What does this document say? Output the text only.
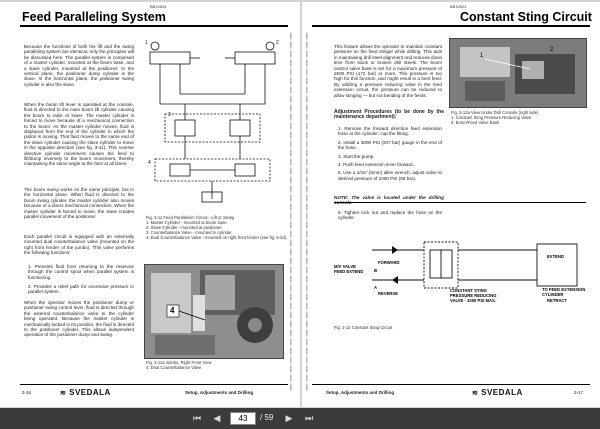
BB15524
Feed Paralleling System
Because the functions of both the lift and the swing paralleling system are identical, only the principles will be discussed here. The parallel system is comprised of a master cylinder, mounted at the boom base, and a slave cylinder, mounted at the positioner. In the vertical plane, the positioner dump cylinder is the slave. In the horizontal plane, the positioner swing cylinder is also the slave.
When the boom lift lever is operated at the console, fluid is directed to the main boom lift cylinder causing the boom to raise or lower. The master cylinder is forced to move because of a mechanical connection to the boom. As the master cylinder moves, fluid is displaced from the end of the cylinder in which the piston is moving. That fluid moves to the same end of the slave cylinder causing the slave cylinder to move in the opposite direction (see fig. 3-11). This reverse directive cylinder movement causes the feed to lift/dump inversely to the boom movement, thereby maintaining the same angle to the face at all times.
The boom swing works on the same principle, but in the horizontal plane. When fluid is directed to the boom swing cylinder, the master cylinder also moves because of a direct mechanical connection. When the master cylinder is forced to move, the slave creates parallel movement of the positioner.
Each parallel circuit is equipped with an externally mounted dual counterbalance valve (mounted on the right front fender of the jumbo). This valve performs the following functions:
1. Prevents fluid from returning to the reservoir through the control spool when parallel system is functioning.
2. Provides a relief path for excessive pressure in parallel system.
When the operator moves the positioner dump or positioner swing control lever, fluid is directed through the external counterbalance valve to the cylinder being operated. Because the master cylinder is mechanically locked in its position, the fluid is directed to the positioner cylinder. This allows independent operation of the positioner dump and swing.
1	2
3
4
Fig. 3-11 Feed Parallelism Circuit - Lift or Swing
1. Master Cylinder - mounted at boom base.
2. Slave Cylinder - mounted at positioner.
3. Counterbalance Valve - mounted in cylinder.
4. Dual Counterbalance Valve - mounted on right front fender (see fig. 3-2d).
4
Fig. 3-11a Jumbo, Right Front View
4. Dual Counterbalance Valve
|
|
|
|
|
|
|
|
|
|
|
|
|
|
|
|
|
|
|
|
|
|
|
|
|
|
|
|
|
|
|
|
|
|
|
|
|
|
|
|
3-16	≋ SVEDALA	Setup, Adjustments and Drilling
BB15524
Constant Sting Circuit
|
|
|
|
|
|
|
|
|
|
|
|
|
|
|
|
|
|
|
|
|
|
|
|
|
|
|
|
|
|
|
|
|
|
|
|
|
|
|
|
This feature allows the operator to maintain constant pressure on the feed stinger while drilling. This aids in maintaining drill steel alignment and reduces down time from stuck or broken drill steels. The boom control valve bank is set for a maximum pressure of 2500 PSI (172 bar) or more. This pressure is too high for this function, and might result in a bent feed. By utilizing a pressure reducing valve in the feed extension circuit, the pressure can be reduced to allow stinging — but not bending of the feeds.
Adjustment Procedures (to be done by the maintenance department):
1. Remove the forward direction feed extension hose at the cylinder; cap the fitting.
2. Install a 3000 PSI (207 bar) gauge in the end of the hose.
3. Start the pump.
4. Push feed extension lever forward.
5. Use a 3/16" (5mm) allen wrench, adjust valve to desired pressure of 1000 PSI (69 bar).
NOTE: The valve is located under the drilling console.
6. Tighten lock nut and replace the hose on the cylinder.
1
2
Fig. 3-12a View Under Drill Console (right side)
1. Constant Sting Pressure Reducing Valve
2. Boom/Feed Valve Bank
M/V VALVE
FEED EXTEND	B
FORWARD
A
REVERSE
CONSTANT STING PRESSURE REDUCING VALVE - 1000 PSI MAX.
EXTEND
TO FEED EXTENSION CYLINDER
RETRACT
Fig. 3-12 Constant Sting Circuit
Setup, Adjustments and Drilling	≋ SVEDALA	3-17
⏮	◀	43	/ 59	▶	⏭
